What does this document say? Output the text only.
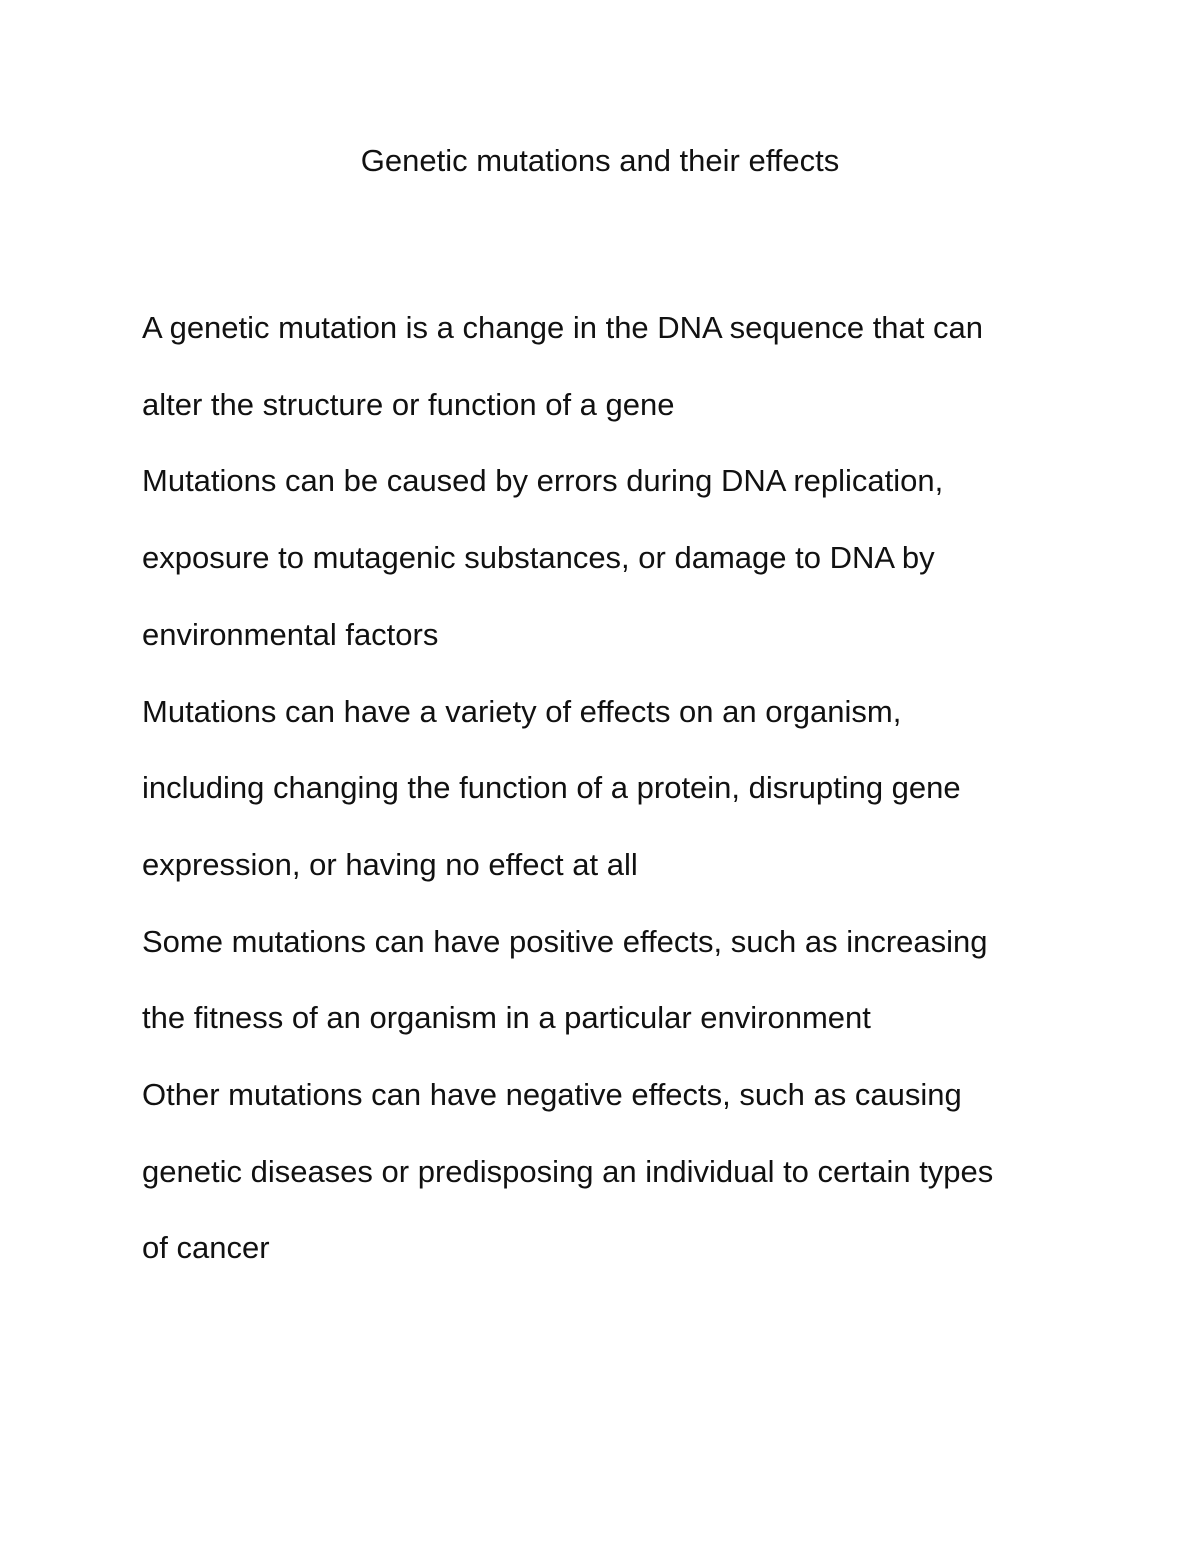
Genetic mutations and their effects

A genetic mutation is a change in the DNA sequence that can
alter the structure or function of a gene

Mutations can be caused by errors during DNA replication,
exposure to mutagenic substances, or damage to DNA by
environmental factors

Mutations can have a variety of effects on an organism,
including changing the function of a protein, disrupting gene
expression, or having no effect at all

Some mutations can have positive effects, such as increasing
the fitness of an organism in a particular environment

Other mutations can have negative effects, such as causing
genetic diseases or predisposing an individual to certain types
of cancer
